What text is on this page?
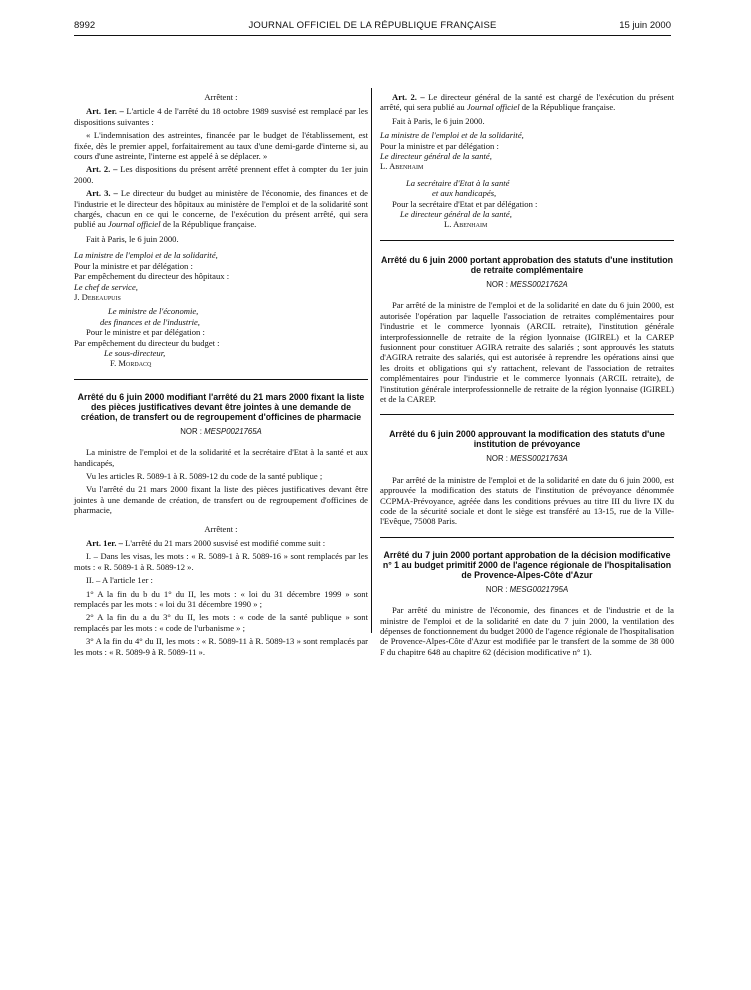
8992	JOURNAL OFFICIEL DE LA RÉPUBLIQUE FRANÇAISE	15 juin 2000

Arrêtent :

Art. 1er. – L'article 4 de l'arrêté du 18 octobre 1989 susvisé est remplacé par les dispositions suivantes :

« L'indemnisation des astreintes, financée par le budget de l'établissement, est fixée, dès le premier appel, forfaitairement au taux d'une demi-garde d'interne si, au cours d'une astreinte, l'interne est appelé à se déplacer. »

Art. 2. – Les dispositions du présent arrêté prennent effet à compter du 1er juin 2000.

Art. 3. – Le directeur du budget au ministère de l'économie, des finances et de l'industrie et le directeur des hôpitaux au ministère de l'emploi et de la solidarité sont chargés, chacun en ce qui le concerne, de l'exécution du présent arrêté, qui sera publié au Journal officiel de la République française.

Fait à Paris, le 6 juin 2000.

La ministre de l'emploi et de la solidarité,

Pour la ministre et par délégation :

Par empêchement du directeur des hôpitaux :

Le chef de service,

J. Debeaupuis

Le ministre de l'économie,

des finances et de l'industrie,

Pour le ministre et par délégation :

Par empêchement du directeur du budget :

Le sous-directeur,

F. Mordacq

Arrêté du 6 juin 2000 modifiant l'arrêté du 21 mars 2000 fixant la liste des pièces justificatives devant être jointes à une demande de création, de transfert ou de regroupement d'officines de pharmacie

NOR : MESP0021765A

La ministre de l'emploi et de la solidarité et la secrétaire d'Etat à la santé et aux handicapés,

Vu les articles R. 5089-1 à R. 5089-12 du code de la santé publique ;

Vu l'arrêté du 21 mars 2000 fixant la liste des pièces justificatives devant être jointes à une demande de création, de transfert ou de regroupement d'officines de pharmacie,

Arrêtent :

Art. 1er. – L'arrêté du 21 mars 2000 susvisé est modifié comme suit :

I. – Dans les visas, les mots : « R. 5089-1 à R. 5089-16 » sont remplacés par les mots : « R. 5089-1 à R. 5089-12 ».

II. – A l'article 1er :

1° A la fin du b du 1° du II, les mots : « loi du 31 décembre 1999 » sont remplacés par les mots : « loi du 31 décembre 1990 » ;

2° A la fin du a du 3° du II, les mots : « code de la santé publique » sont remplacés par les mots : « code de l'urbanisme » ;

3° A la fin du 4° du II, les mots : « R. 5089-11 à R. 5089-13 » sont remplacés par les mots : « R. 5089-9 à R. 5089-11 ».

Art. 2. – Le directeur général de la santé est chargé de l'exécution du présent arrêté, qui sera publié au Journal officiel de la République française.

Fait à Paris, le 6 juin 2000.

La ministre de l'emploi et de la solidarité,

Pour la ministre et par délégation :

Le directeur général de la santé,

L. Abenhaim

La secrétaire d'Etat à la santé

et aux handicapés,

Pour la secrétaire d'Etat et par délégation :

Le directeur général de la santé,

L. Abenhaim

Arrêté du 6 juin 2000 portant approbation des statuts d'une institution de retraite complémentaire

NOR : MESS0021762A

Par arrêté de la ministre de l'emploi et de la solidarité en date du 6 juin 2000, est autorisée l'opération par laquelle l'association de retraites complémentaires pour l'industrie et le commerce lyonnais (ARCIL retraite), l'institution générale interprofessionnelle de retraite de la région lyonnaise (IGIREL) et la CAREP fusionnent pour constituer AGIRA retraite des salariés ; sont approuvés les statuts d'AGIRA retraite des salariés, qui est autorisée à reprendre les opérations ainsi que les droits et obligations qui s'y rattachent, relevant de l'association de retraites complémentaires pour l'industrie et le commerce lyonnais (ARCIL retraite), de l'institution générale interprofessionnelle de retraite de la région lyonnaise (IGIREL) et de la CAREP.

Arrêté du 6 juin 2000 approuvant la modification des statuts d'une institution de prévoyance

NOR : MESS0021763A

Par arrêté de la ministre de l'emploi et de la solidarité en date du 6 juin 2000, est approuvée la modification des statuts de l'institution de prévoyance dénommée CCPMA-Prévoyance, agréée dans les conditions prévues au titre III du livre IX du code de la sécurité sociale et dont le siège est transféré au 13-15, rue de la Ville-l'Evêque, 75008 Paris.

Arrêté du 7 juin 2000 portant approbation de la décision modificative n° 1 au budget primitif 2000 de l'agence régionale de l'hospitalisation de Provence-Alpes-Côte d'Azur

NOR : MESG0021795A

Par arrêté du ministre de l'économie, des finances et de l'industrie et de la ministre de l'emploi et de la solidarité en date du 7 juin 2000, la ventilation des dépenses de fonctionnement du budget 2000 de l'agence régionale de l'hospitalisation de Provence-Alpes-Côte d'Azur est modifiée par le transfert de la somme de 38 000 F du chapitre 648 au chapitre 62 (décision modificative n° 1).
